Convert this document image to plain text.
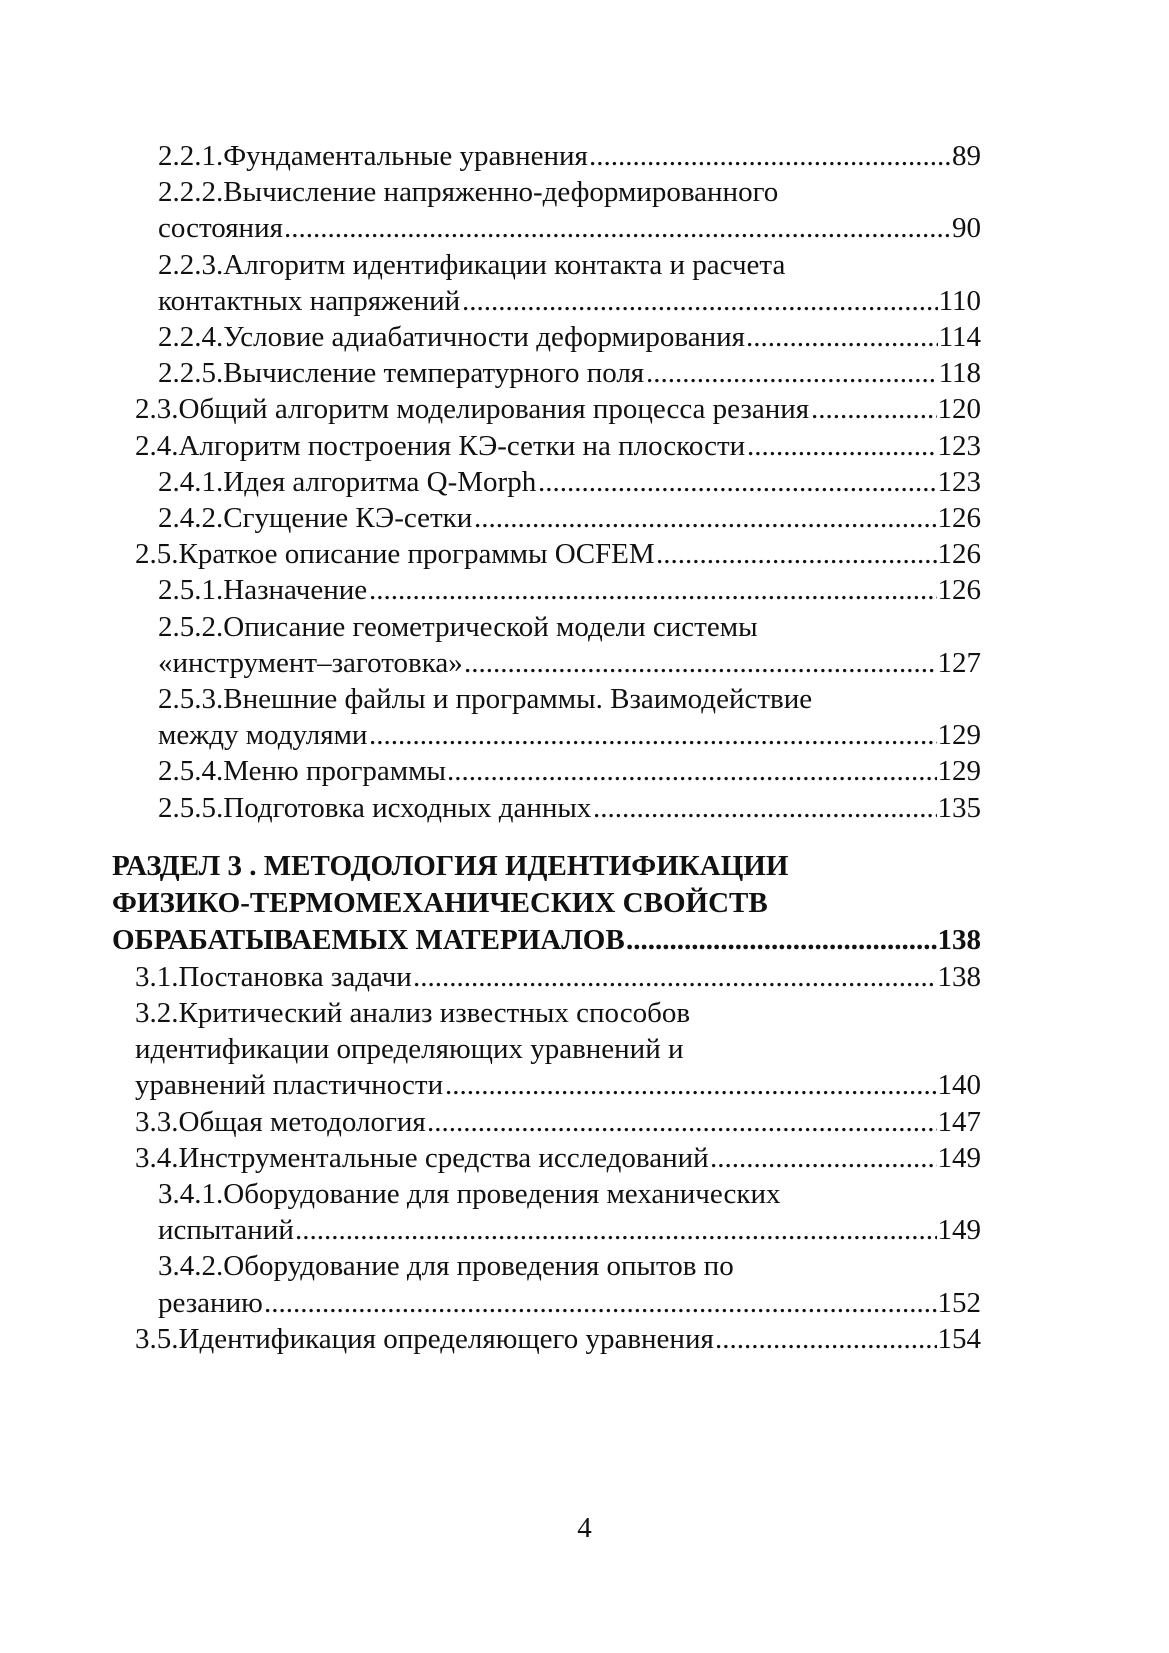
2.2.1.Фундаментальные уравнения .....	89
2.2.2.Вычисление напряженно-деформированного
состояния .....	90
2.2.3.Алгоритм идентификации контакта и расчета
контактных напряжений .....	110
2.2.4.Условие адиабатичности деформирования .....	114
2.2.5.Вычисление температурного поля .....	118
2.3.Общий алгоритм моделирования процесса резания .....	120
2.4.Алгоритм построения КЭ-сетки на плоскости .....	123
2.4.1.Идея алгоритма Q-Morph .....	123
2.4.2.Сгущение КЭ-сетки .....	126
2.5.Краткое описание программы OCFEM .....	126
2.5.1.Назначение .....	126
2.5.2.Описание геометрической модели системы
«инструмент–заготовка» .....	127
2.5.3.Внешние файлы и программы. Взаимодействие
между модулями .....	129
2.5.4.Меню программы .....	129
2.5.5.Подготовка исходных данных .....	135
РАЗДЕЛ 3 . МЕТОДОЛОГИЯ ИДЕНТИФИКАЦИИ
ФИЗИКО-ТЕРМОМЕХАНИЧЕСКИХ СВОЙСТВ
ОБРАБАТЫВАЕМЫХ МАТЕРИАЛОВ .....	138
3.1.Постановка задачи .....	138
3.2.Критический анализ известных способов
идентификации определяющих уравнений и
уравнений пластичности .....	140
3.3.Общая методология .....	147
3.4.Инструментальные средства исследований .....	149
3.4.1.Оборудование для проведения механических
испытаний .....	149
3.4.2.Оборудование для проведения опытов по
резанию .....	152
3.5.Идентификация определяющего уравнения .....	154
4
